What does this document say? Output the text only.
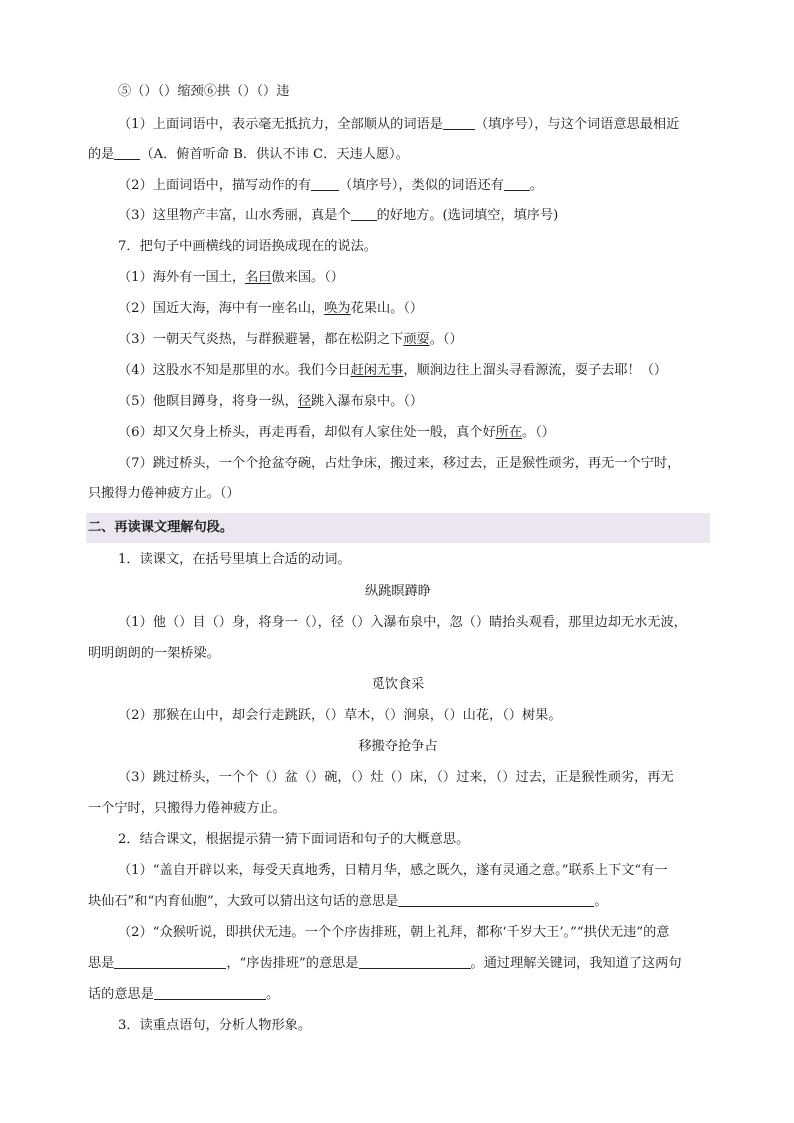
⑤（）（）缩颈⑥拱（）（）违
（1）上面词语中，表示毫无抵抗力，全部顺从的词语是 （填序号），与这个词语意思最相近
的是 （A．俯首听命 B．供认不讳 C．天违人愿）。
（2）上面词语中，描写动作的有 （填序号），类似的词语还有 。
（3）这里物产丰富，山水秀丽，真是个 的好地方。(选词填空，填序号)
7．把句子中画横线的词语换成现在的说法。
（1）海外有一国土，名曰傲来国。（）
（2）国近大海，海中有一座名山，唤为花果山。（）
（3）一朝天气炎热，与群猴避暑，都在松阴之下顽耍。（）
（4）这股水不知是那里的水。我们今日赶闲无事，顺涧边往上溜头寻看源流，耍子去耶！（）
（5）他瞑目蹲身，将身一纵，径跳入瀑布泉中。（）
（6）却又欠身上桥头，再走再看，却似有人家住处一般，真个好所在。（）
（7）跳过桥头，一个个抢盆夺碗，占灶争床，搬过来，移过去，正是猴性顽劣，再无一个宁时，
只搬得力倦神疲方止。（）
二、再读课文理解句段。
1．读课文，在括号里填上合适的动词。
纵跳瞑蹲睁
（1）他（）目（）身，将身一（），径（）入瀑布泉中，忽（）睛抬头观看，那里边却无水无波，
明明朗朗的一架桥梁。
觅饮食采
（2）那猴在山中，却会行走跳跃，（）草木，（）涧泉，（）山花，（）树果。
移搬夺抢争占
（3）跳过桥头，一个个（）盆（）碗，（）灶（）床，（）过来，（）过去，正是猴性顽劣，再无
一个宁时，只搬得力倦神疲方止。
2．结合课文，根据提示猜一猜下面词语和句子的大概意思。
（1）“盖自开辟以来，每受天真地秀，日精月华，感之既久，遂有灵通之意。”联系上下文“有一
块仙石”和“内育仙胞”，大致可以猜出这句话的意思是	。
（2）“众猴听说，即拱伏无违。一个个序齿排班，朝上礼拜，都称‘千岁大王’。”“拱伏无违”的意
思是	，“序齿排班”的意思是	。通过理解关键词，我知道了这两句
话的意思是	。
3．读重点语句，分析人物形象。
